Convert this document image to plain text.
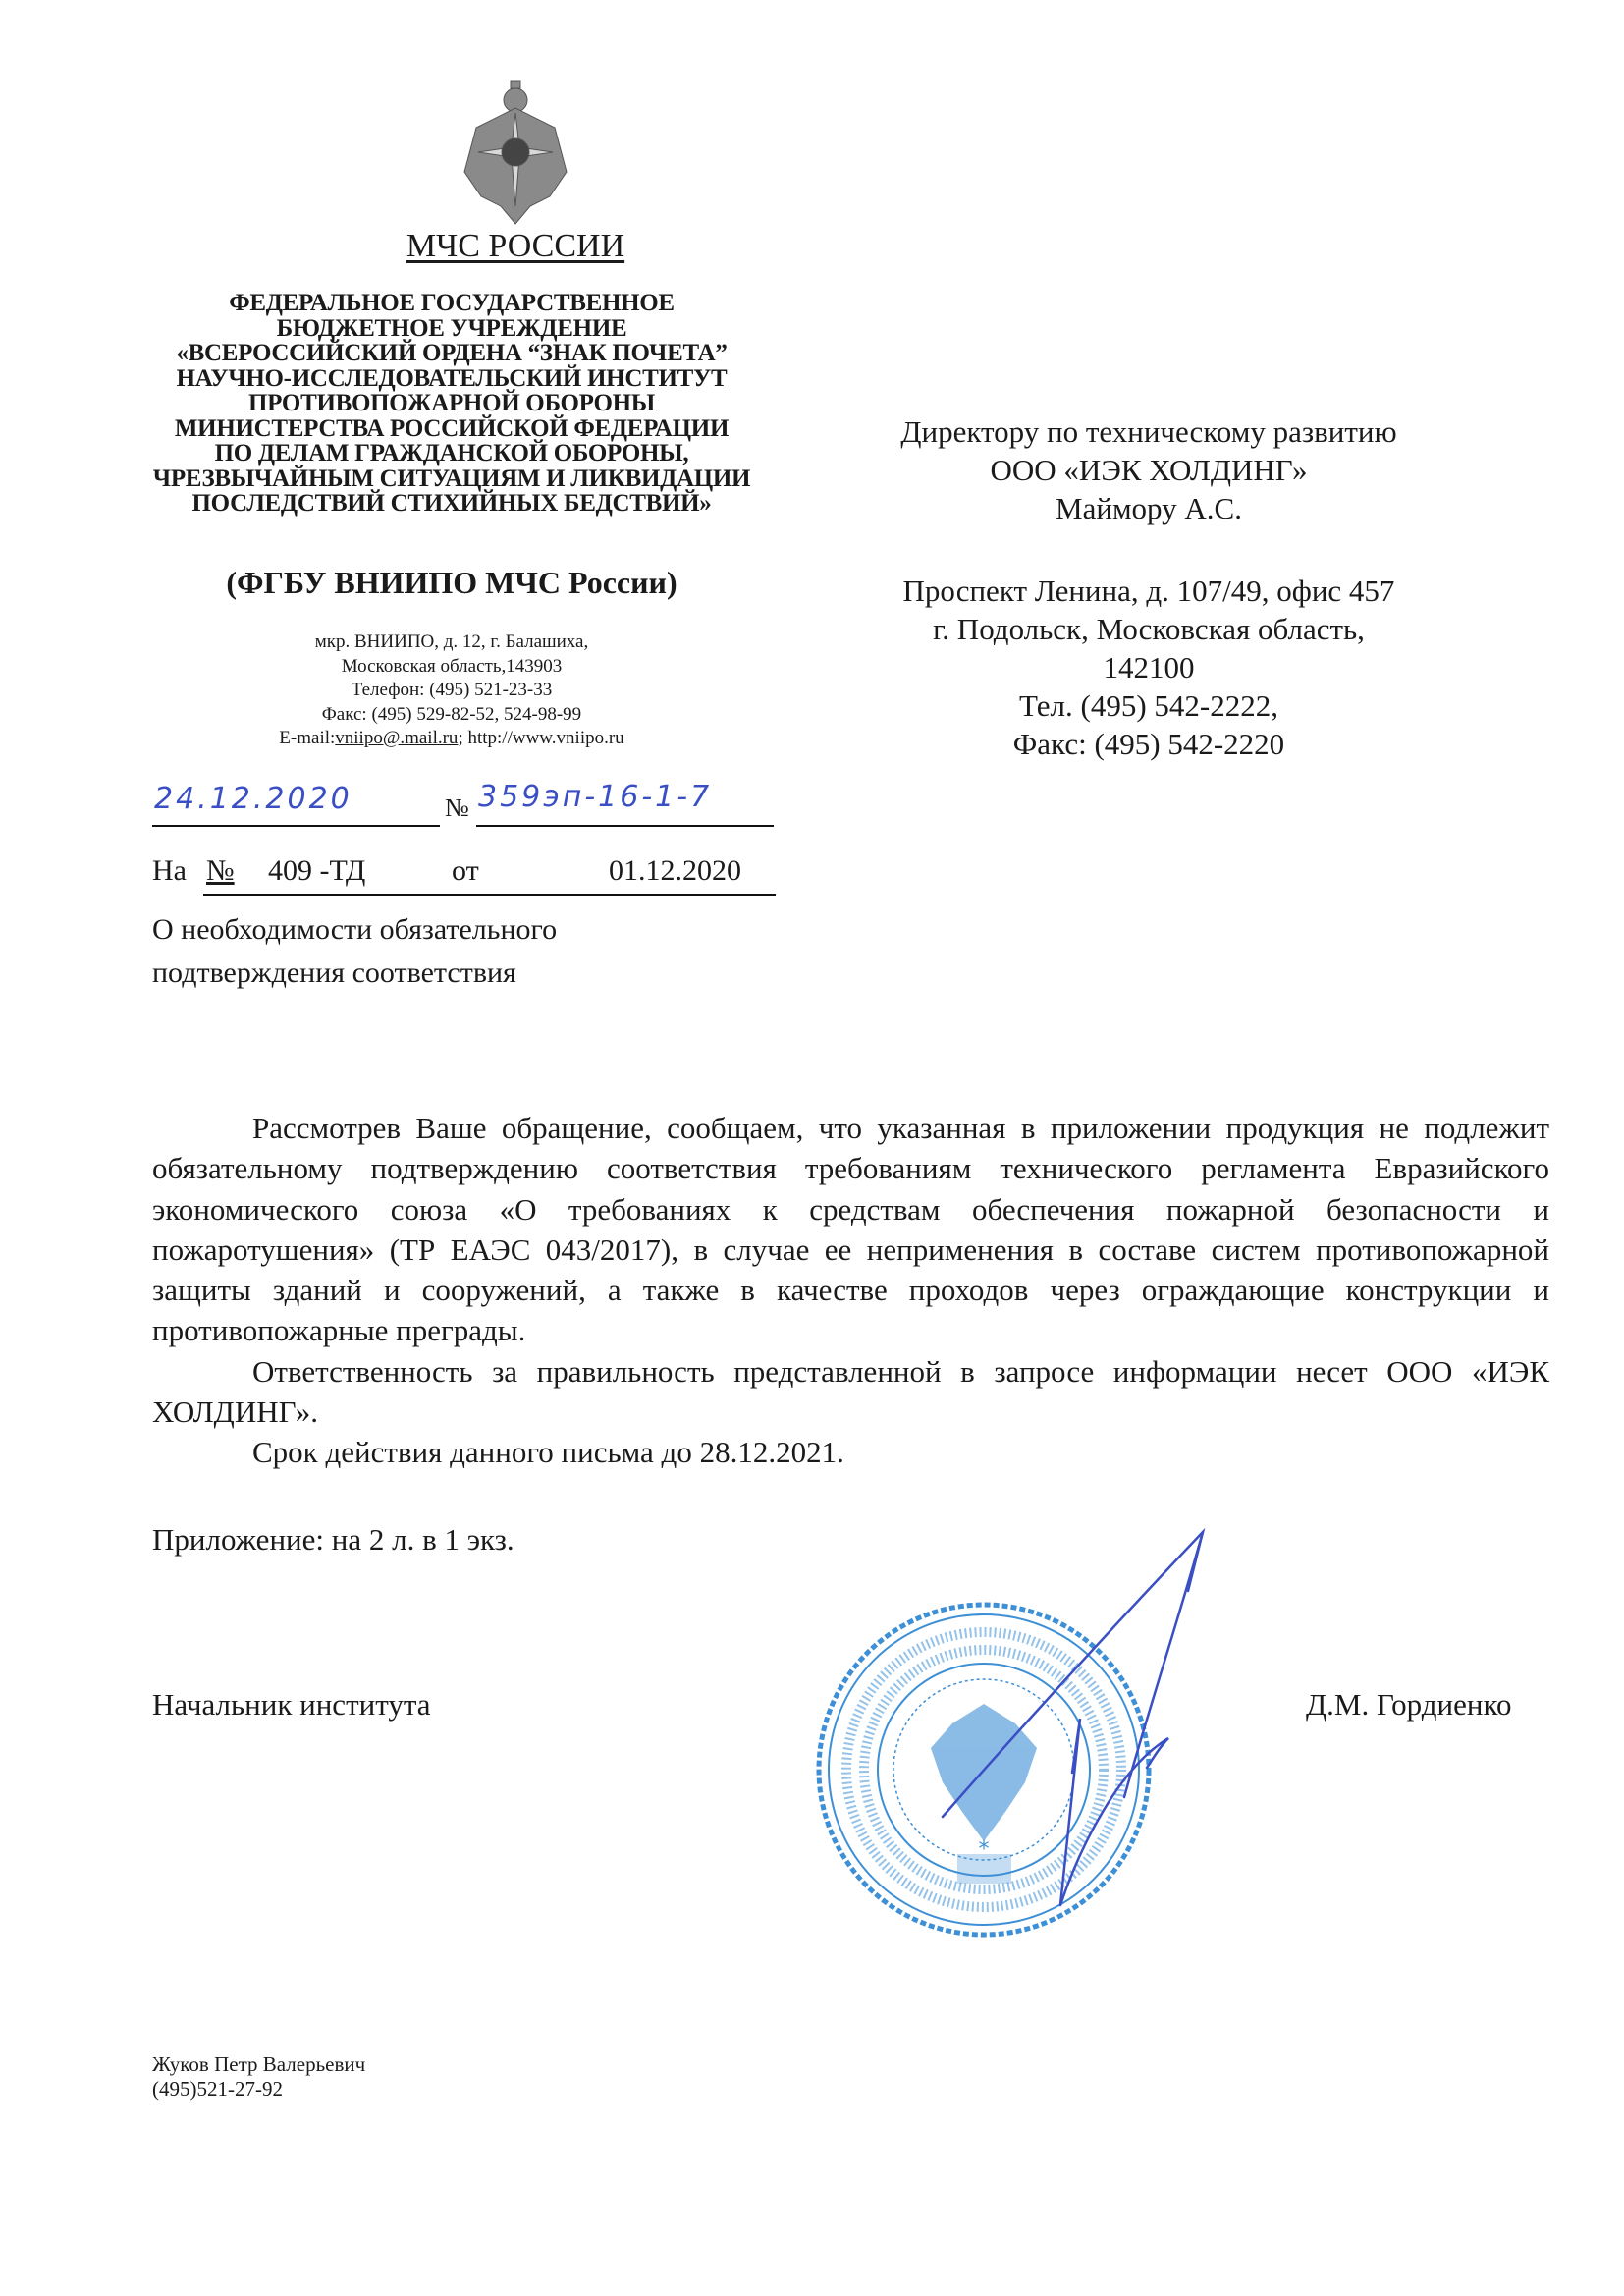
МЧС РОССИИ
ФЕДЕРАЛЬНОЕ ГОСУДАРСТВЕННОЕ
БЮДЖЕТНОЕ УЧРЕЖДЕНИЕ
«ВСЕРОССИЙСКИЙ ОРДЕНА “ЗНАК ПОЧЕТА”
НАУЧНО-ИССЛЕДОВАТЕЛЬСКИЙ ИНСТИТУТ
ПРОТИВОПОЖАРНОЙ ОБОРОНЫ
МИНИСТЕРСТВА РОССИЙСКОЙ ФЕДЕРАЦИИ
ПО ДЕЛАМ ГРАЖДАНСКОЙ ОБОРОНЫ,
ЧРЕЗВЫЧАЙНЫМ СИТУАЦИЯМ И ЛИКВИДАЦИИ
ПОСЛЕДСТВИЙ СТИХИЙНЫХ БЕДСТВИЙ»
(ФГБУ ВНИИПО МЧС России)
мкр. ВНИИПО, д. 12, г. Балашиха,
Московская область,143903
Телефон: (495) 521-23-33
Факс: (495) 529-82-52, 524-98-99
E-mail:vniipo@.mail.ru; http://www.vniipo.ru
24.12.2020	№ 359эп-16-1-7
На № 409 -ТД	от	01.12.2020
О необходимости обязательного
подтверждения соответствия
Директору по техническому развитию
ООО «ИЭК ХОЛДИНГ»
Маймору А.С.
Проспект Ленина, д. 107/49, офис 457
г. Подольск, Московская область,
142100
Тел. (495) 542-2222,
Факс: (495) 542-2220

Рассмотрев Ваше обращение, сообщаем, что указанная в приложении продукция не подлежит обязательному подтверждению соответствия требованиям технического регламента Евразийского экономического союза «О требованиях к средствам обеспечения пожарной безопасности и пожаротушения» (ТР ЕАЭС 043/2017), в случае ее неприменения в составе систем противопожарной защиты зданий и сооружений, а также в качестве проходов через ограждающие конструкции и противопожарные преграды.

Ответственность за правильность представленной в запросе информации несет ООО «ИЭК ХОЛДИНГ».

Срок действия данного письма до 28.12.2021.

Приложение: на 2 л. в 1 экз.
*
Начальник института	Д.М. Гордиенко
Жуков Петр Валерьевич
(495)521-27-92
